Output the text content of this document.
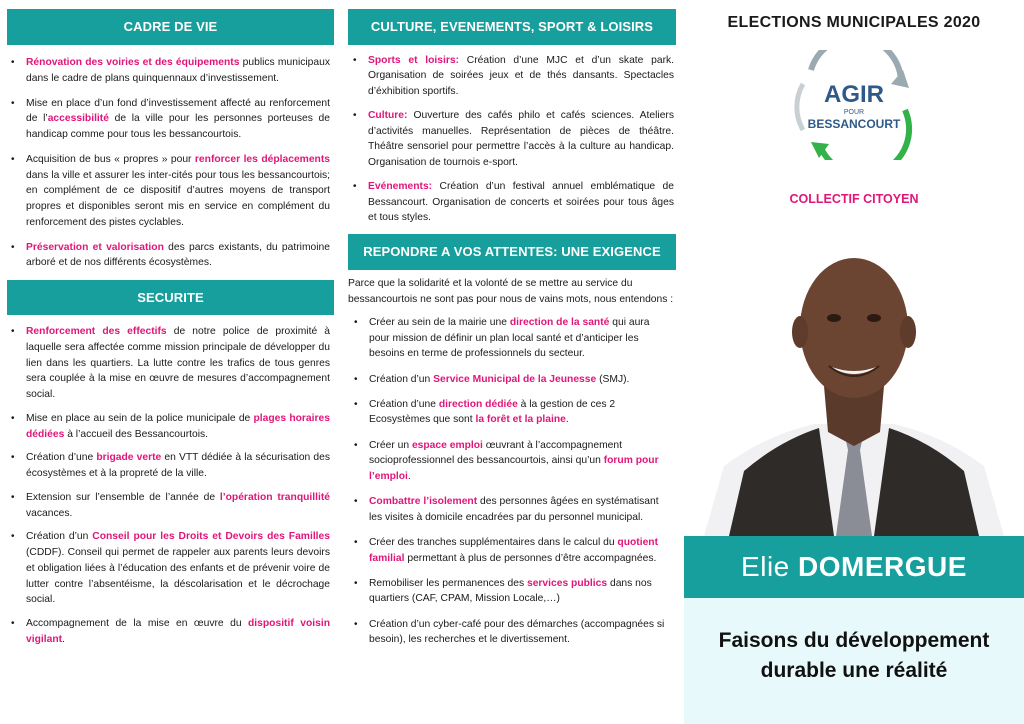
CADRE DE VIE
• Rénovation des voiries et des équipements publics municipaux dans le cadre de plans quinquennaux d’investissement.
• Mise en place d’un fond d’investissement affecté au renforcement de l’accessibilité de la ville pour les personnes porteuses de handicap comme pour tous les bessancourtois.
• Acquisition de bus « propres » pour renforcer les déplacements dans la ville et assurer les inter-cités pour tous les bessancourtois; en complément de ce dispositif d’autres moyens de transport propres et disponibles seront mis en service en complément du renforcement des pistes cyclables.
• Préservation et valorisation des parcs existants, du patrimoine arboré et de nos différents écosystèmes.
SECURITE
• Renforcement des effectifs de notre police de proximité à laquelle sera affectée comme mission principale de développer du lien dans les quartiers. La lutte contre les trafics de tous genres sera couplée à la mise en œuvre de mesures d’accompagnement social.
• Mise en place au sein de la police municipale de plages horaires dédiées à l’accueil des Bessancourtois.
• Création d’une brigade verte en VTT dédiée à la sécurisation des écosystèmes et à la propreté de la ville.
• Extension sur l’ensemble de l’année de l’opération tranquillité vacances.
• Création d’un Conseil pour les Droits et Devoirs des Familles (CDDF). Conseil qui permet de rappeler aux parents leurs devoirs et obligation liées à l’éducation des enfants et de prévenir voire de lutter contre l’absentéisme, la déscolarisation et le décrochage social.
• Accompagnement de la mise en œuvre du dispositif voisin vigilant.
CULTURE, EVENEMENTS, SPORT & LOISIRS
• Sports et loisirs: Création d’une MJC et d’un skate park. Organisation de soirées jeux et de thés dansants. Spectacles d’éxhibition sportifs.
• Culture: Ouverture des cafés philo et cafés sciences. Ateliers d’activités manuelles. Représentation de pièces de théâtre. Théâtre sensoriel pour permettre l’accès à la culture au handicap. Organisation de tournois e-sport.
• Evénements: Création d’un festival annuel emblématique de Bessancourt. Organisation de concerts et soirées pour tous âges et tous styles.
REPONDRE A VOS ATTENTES: UNE EXIGENCE

Parce que la solidarité et la volonté de se mettre au service du bessancourtois ne sont pas pour nous de vains mots, nous entendons :

• Créer au sein de la mairie une direction de la santé qui aura pour mission de définir un plan local santé et d’anticiper les besoins en terme de professionnels du secteur.
• Création d’un Service Municipal de la Jeunesse (SMJ).
• Création d’une direction dédiée à la gestion de ces 2 Ecosystèmes que sont la forêt et la plaine.
• Créer un espace emploi œuvrant à l’accompagnement socioprofessionnel des bessancourtois, ainsi qu’un forum pour l’emploi.
• Combattre l’isolement des personnes âgées en systématisant les visites à domicile encadrées par du personnel municipal.
• Créer des tranches supplémentaires dans le calcul du quotient familial permettant à plus de personnes d’être accompagnées.
• Remobiliser les permanences des services publics dans nos quartiers (CAF, CPAM, Mission Locale,…)
• Création d’un cyber-café pour des démarches (accompagnées si besoin), les recherches et le divertissement.
ELECTIONS MUNICIPALES 2020
AGIR
POUR
BESSANCOURT
COLLECTIF CITOYEN
Elie DOMERGUE
Faisons du développement
durable une réalité
